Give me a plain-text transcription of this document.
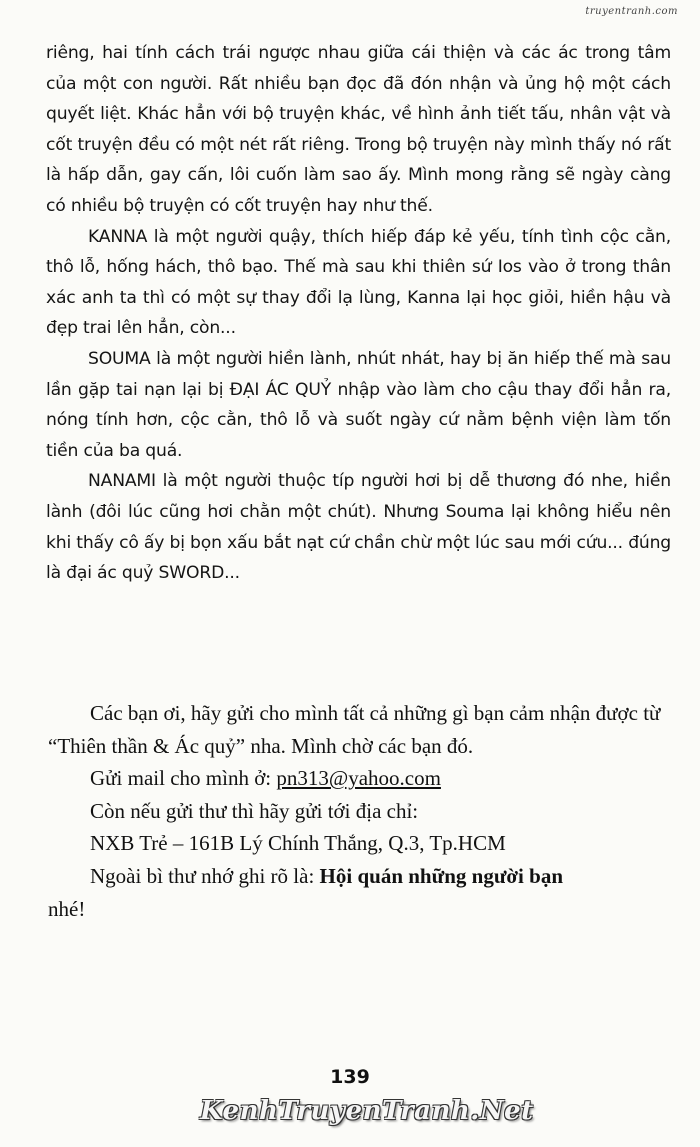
truyentranh.com

riêng, hai tính cách trái ngược nhau giữa cái thiện và các ác trong tâm của một con người. Rất nhiều bạn đọc đã đón nhận và ủng hộ một cách quyết liệt. Khác hẳn với bộ truyện khác, về hình ảnh tiết tấu, nhân vật và cốt truyện đều có một nét rất riêng. Trong bộ truyện này mình thấy nó rất là hấp dẫn, gay cấn, lôi cuốn làm sao ấy. Mình mong rằng sẽ ngày càng có nhiều bộ truyện có cốt truyện hay như thế.

KANNA là một người quậy, thích hiếp đáp kẻ yếu, tính tình cộc cằn, thô lỗ, hống hách, thô bạo. Thế mà sau khi thiên sứ Ios vào ở trong thân xác anh ta thì có một sự thay đổi lạ lùng, Kanna lại học giỏi, hiền hậu và đẹp trai lên hẳn, còn...

SOUMA là một người hiền lành, nhút nhát, hay bị ăn hiếp thế mà sau lần gặp tai nạn lại bị ĐẠI ÁC QUỶ nhập vào làm cho cậu thay đổi hẳn ra, nóng tính hơn, cộc cằn, thô lỗ và suốt ngày cứ nằm bệnh viện làm tốn tiền của ba quá.

NANAMI là một người thuộc típ người hơi bị dễ thương đó nhe, hiền lành (đôi lúc cũng hơi chằn một chút). Nhưng Souma lại không hiểu nên khi thấy cô ấy bị bọn xấu bắt nạt cứ chần chừ một lúc sau mới cứu... đúng là đại ác quỷ SWORD...

Các bạn ơi, hãy gửi cho mình tất cả những gì bạn cảm nhận được từ “Thiên thần & Ác quỷ” nha. Mình chờ các bạn đó.

Gửi mail cho mình ở: pn313@yahoo.com

Còn nếu gửi thư thì hãy gửi tới địa chỉ:

NXB Trẻ – 161B Lý Chính Thắng, Q.3, Tp.HCM

Ngoài bì thư nhớ ghi rõ là: Hội quán những người bạn

nhé!

139
KenhTruyenTranh.Net
